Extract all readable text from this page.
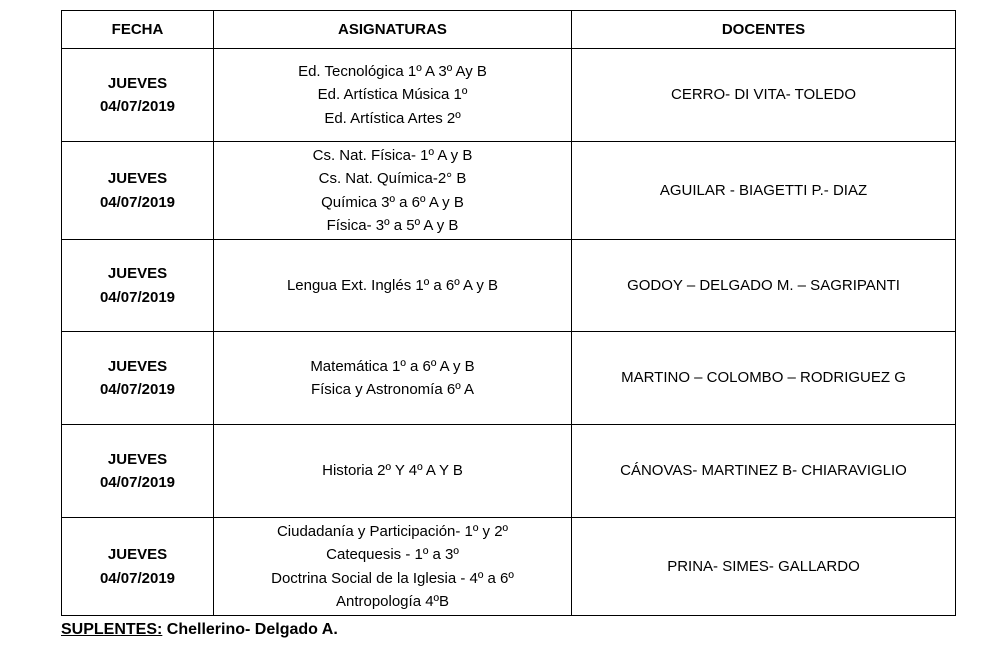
FECHA	ASIGNATURAS	DOCENTES

JUEVES
04/07/2019	Ed. Tecnológica 1º A 3º Ay B
Ed. Artística Música 1º
Ed. Artística Artes 2º	CERRO- DI VITA- TOLEDO

JUEVES
04/07/2019	Cs. Nat. Física- 1º A y B
Cs. Nat. Química-2° B
Química 3º a 6º A y B
Física- 3º a 5º A y B	AGUILAR - BIAGETTI P.- DIAZ

JUEVES
04/07/2019	Lengua Ext. Inglés 1º a 6º A y B	GODOY – DELGADO M. – SAGRIPANTI

JUEVES
04/07/2019	Matemática 1º a 6º A y B
Física y Astronomía 6º A	MARTINO – COLOMBO – RODRIGUEZ G

JUEVES
04/07/2019	Historia 2º Y 4º A Y B	CÁNOVAS- MARTINEZ B- CHIARAVIGLIO

JUEVES
04/07/2019	Ciudadanía y Participación- 1º y 2º
Catequesis - 1º a 3º
Doctrina Social de la Iglesia - 4º a 6º
Antropología 4ºB	PRINA- SIMES- GALLARDO
SUPLENTES: Chellerino- Delgado A.
